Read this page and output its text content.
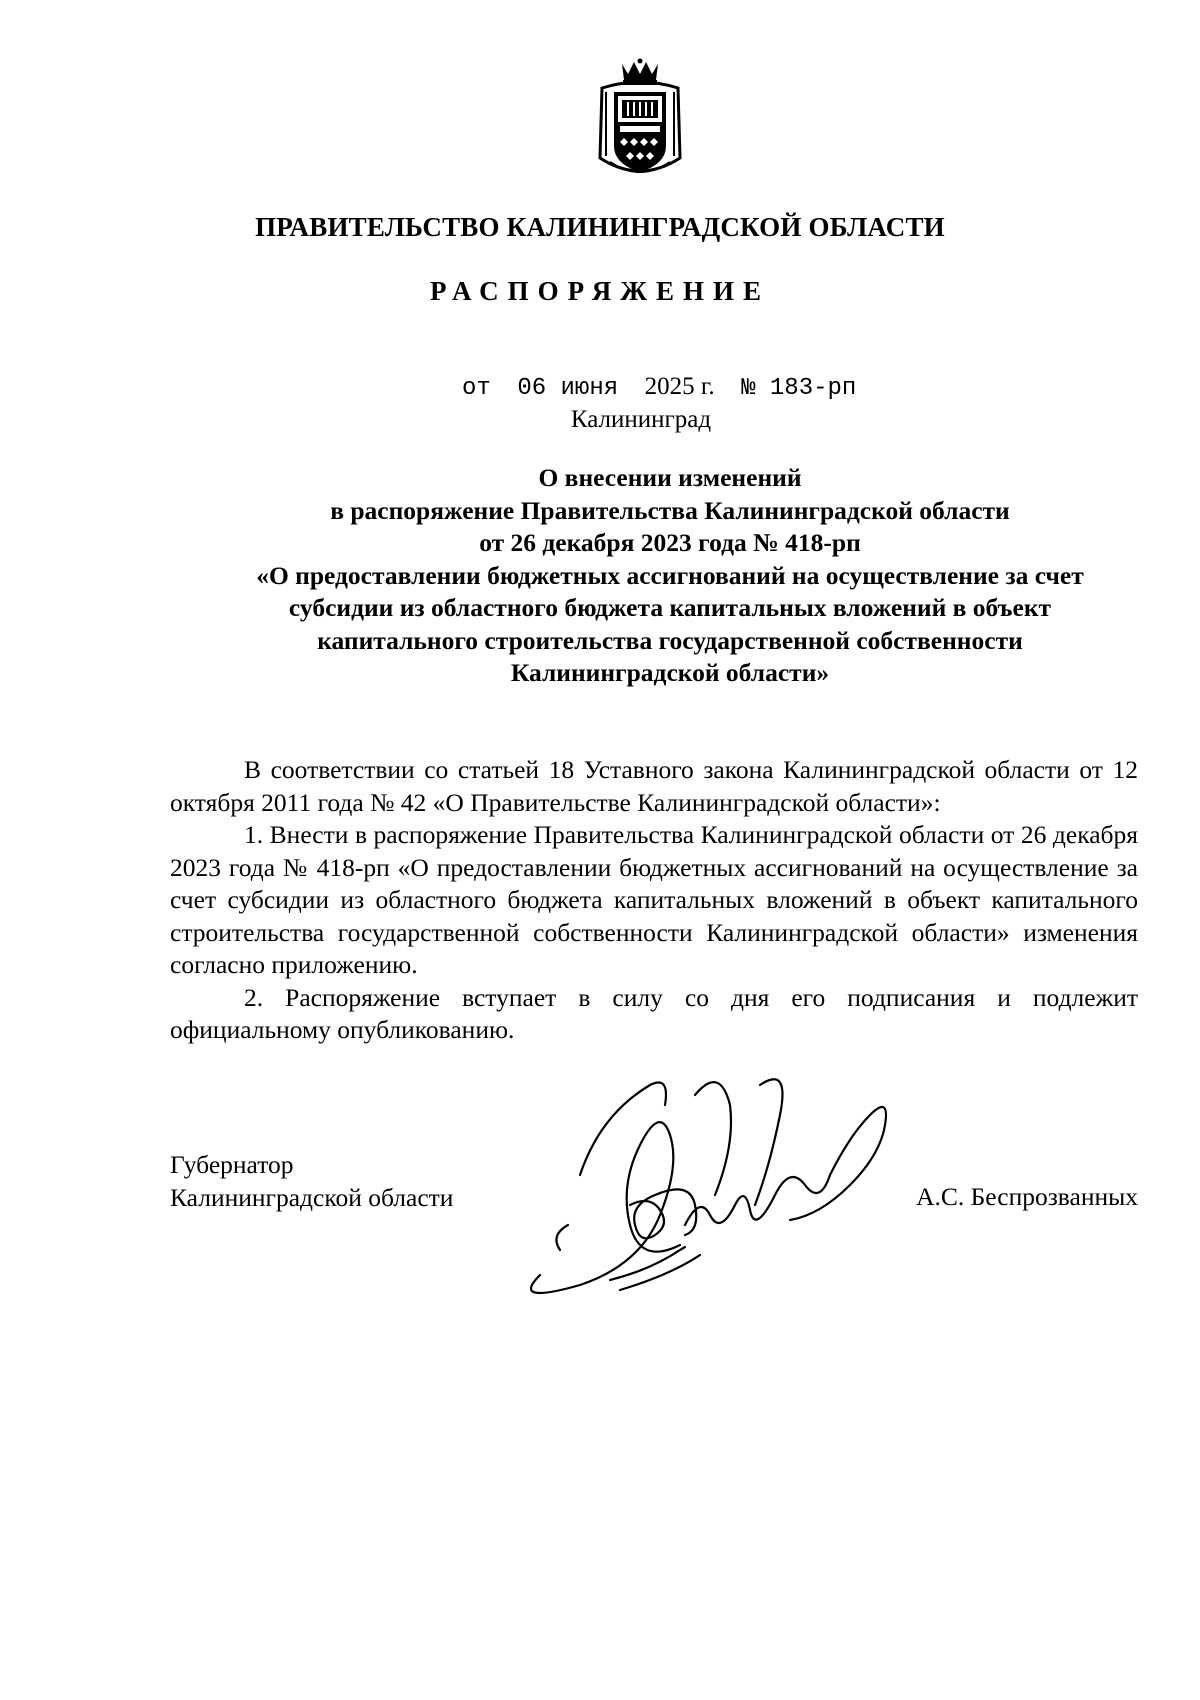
ПРАВИТЕЛЬСТВО КАЛИНИНГРАДСКОЙ ОБЛАСТИ
РАСПОРЯЖЕНИЕ
от 06 июня 2025 г. № 183-рп
Калининград
О внесении изменений
в распоряжение Правительства Калининградской области
от 26 декабря 2023 года № 418-рп
«О предоставлении бюджетных ассигнований на осуществление за счет
субсидии из областного бюджета капитальных вложений в объект
капитального строительства государственной собственности
Калининградской области»

В соответствии со статьей 18 Уставного закона Калининградской области от 12 октября 2011 года № 42 «О Правительстве Калининградской области»:

1. Внести в распоряжение Правительства Калининградской области от 26 декабря 2023 года № 418-рп «О предоставлении бюджетных ассигнований на осуществление за счет субсидии из областного бюджета капитальных вложений в объект капитального строительства государственной собственности Калининградской области» изменения согласно приложению.

2. Распоряжение вступает в силу со дня его подписания и подлежит официальному опубликованию.

Губернатор
Калининградской области	А.С. Беспрозванных
